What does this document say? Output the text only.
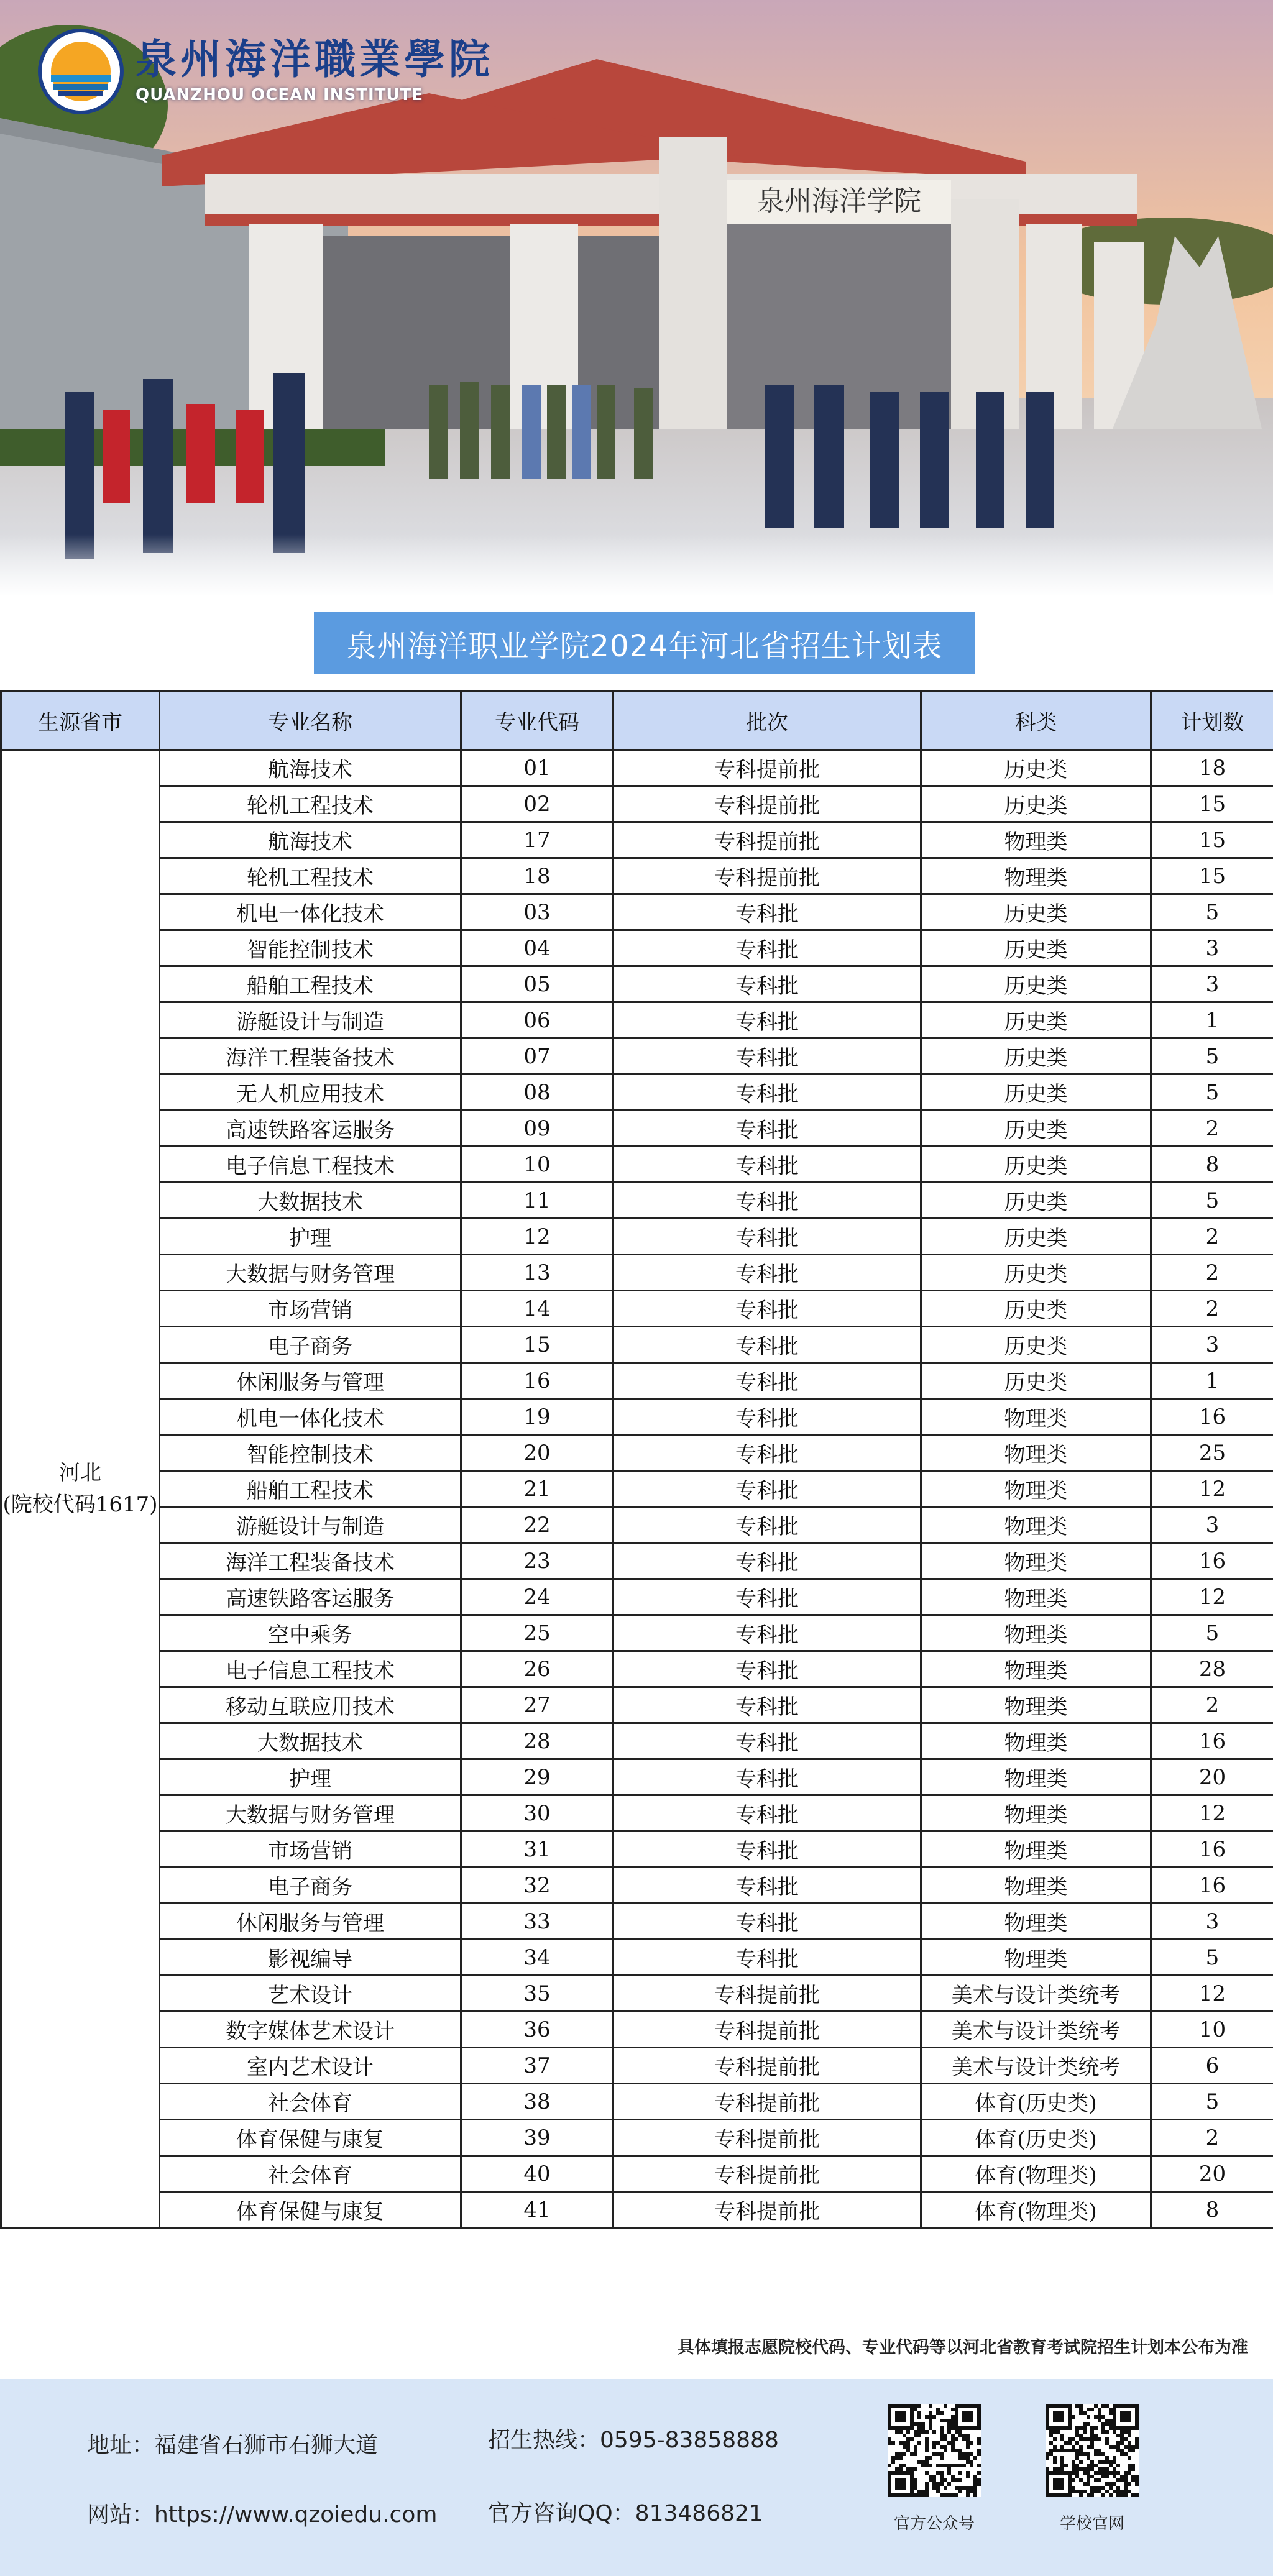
泉州海洋学院
泉州海洋職業學院
QUANZHOU OCEAN INSTITUTE
泉州海洋职业学院2024年河北省招生计划表
生源省市	专业名称	专业代码	批次	科类	计划数

河北
(院校代码1617)	航海技术	01	专科提前批	历史类	18
	轮机工程技术	02	专科提前批	历史类	15
	航海技术	17	专科提前批	物理类	15
	轮机工程技术	18	专科提前批	物理类	15
	机电一体化技术	03	专科批	历史类	5
	智能控制技术	04	专科批	历史类	3
	船舶工程技术	05	专科批	历史类	3
	游艇设计与制造	06	专科批	历史类	1
	海洋工程装备技术	07	专科批	历史类	5
	无人机应用技术	08	专科批	历史类	5
	高速铁路客运服务	09	专科批	历史类	2
	电子信息工程技术	10	专科批	历史类	8
	大数据技术	11	专科批	历史类	5
	护理	12	专科批	历史类	2
	大数据与财务管理	13	专科批	历史类	2
	市场营销	14	专科批	历史类	2
	电子商务	15	专科批	历史类	3
	休闲服务与管理	16	专科批	历史类	1
	机电一体化技术	19	专科批	物理类	16
	智能控制技术	20	专科批	物理类	25
	船舶工程技术	21	专科批	物理类	12
	游艇设计与制造	22	专科批	物理类	3
	海洋工程装备技术	23	专科批	物理类	16
	高速铁路客运服务	24	专科批	物理类	12
	空中乘务	25	专科批	物理类	5
	电子信息工程技术	26	专科批	物理类	28
	移动互联应用技术	27	专科批	物理类	2
	大数据技术	28	专科批	物理类	16
	护理	29	专科批	物理类	20
	大数据与财务管理	30	专科批	物理类	12
	市场营销	31	专科批	物理类	16
	电子商务	32	专科批	物理类	16
	休闲服务与管理	33	专科批	物理类	3
	影视编导	34	专科批	物理类	5
	艺术设计	35	专科提前批	美术与设计类统考	12
	数字媒体艺术设计	36	专科提前批	美术与设计类统考	10
	室内艺术设计	37	专科提前批	美术与设计类统考	6
	社会体育	38	专科提前批	体育(历史类)	5
	体育保健与康复	39	专科提前批	体育(历史类)	2
	社会体育	40	专科提前批	体育(物理类)	20
	体育保健与康复	41	专科提前批	体育(物理类)	8
具体填报志愿院校代码、专业代码等以河北省教育考试院招生计划本公布为准
地址：福建省石狮市石狮大道
网站：https://www.qzoiedu.com
招生热线：0595-83858888
官方咨询QQ：813486821	官方公众号	学校官网
